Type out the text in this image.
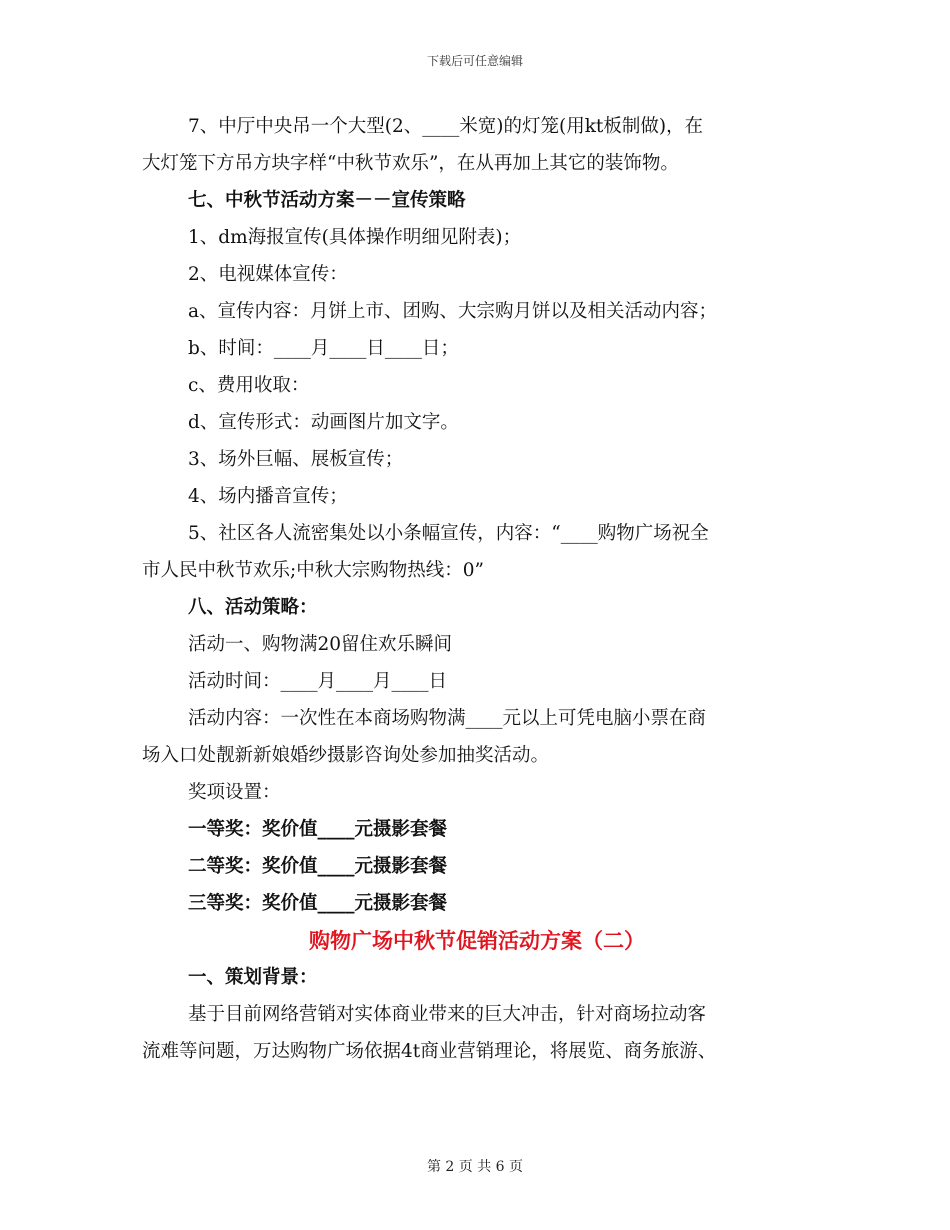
下载后可任意编辑
7、中厅中央吊一个大型(2、____米宽)的灯笼(用kt板制做)，在
大灯笼下方吊方块字样“中秋节欢乐”，在从再加上其它的装饰物。
七、中秋节活动方案－－宣传策略
1、dm海报宣传(具体操作明细见附表)；
2、电视媒体宣传：
a、宣传内容：月饼上市、团购、大宗购月饼以及相关活动内容；
b、时间：____月____日____日；
c、费用收取：
d、宣传形式：动画图片加文字。
3、场外巨幅、展板宣传；
4、场内播音宣传；
5、社区各人流密集处以小条幅宣传，内容：“____购物广场祝全
市人民中秋节欢乐;中秋大宗购物热线：0”
八、活动策略：
活动一、购物满20留住欢乐瞬间
活动时间：____月____月____日
活动内容：一次性在本商场购物满____元以上可凭电脑小票在商
场入口处靓新新娘婚纱摄影咨询处参加抽奖活动。
奖项设置：
一等奖：奖价值____元摄影套餐
二等奖：奖价值____元摄影套餐
三等奖：奖价值____元摄影套餐
购物广场中秋节促销活动方案（二）
一、策划背景：
基于目前网络营销对实体商业带来的巨大冲击，针对商场拉动客
流难等问题，万达购物广场依据4t商业营销理论，将展览、商务旅游、
第 2 页 共 6 页
